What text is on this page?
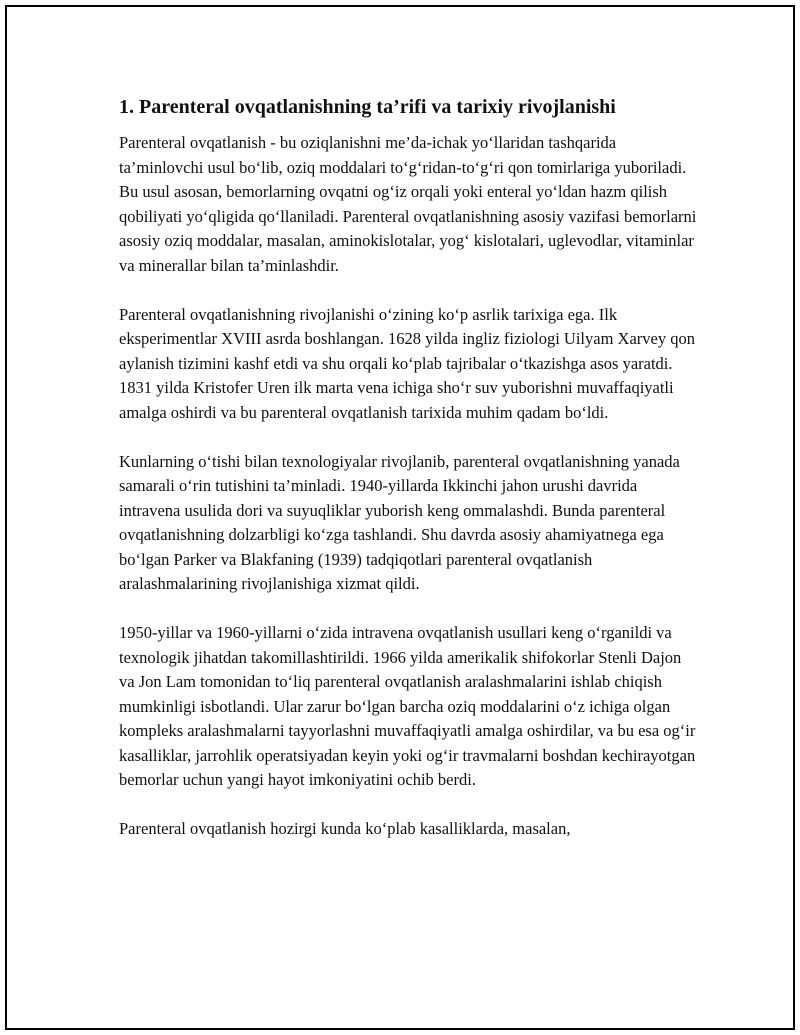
1. Parenteral ovqatlanishning ta’rifi va tarixiy rivojlanishi

Parenteral ovqatlanish - bu oziqlanishni me’da-ichak yo‘llaridan tashqarida ta’minlovchi usul bo‘lib, oziq moddalari to‘g‘ridan-to‘g‘ri qon tomirlariga yuboriladi. Bu usul asosan, bemorlarning ovqatni og‘iz orqali yoki enteral yo‘ldan hazm qilish qobiliyati yo‘qligida qo‘llaniladi. Parenteral ovqatlanishning asosiy vazifasi bemorlarni asosiy oziq moddalar, masalan, aminokislotalar, yog‘ kislotalari, uglevodlar, vitaminlar va minerallar bilan ta’minlashdir.

Parenteral ovqatlanishning rivojlanishi o‘zining ko‘p asrlik tarixiga ega. Ilk eksperimentlar XVIII asrda boshlangan. 1628 yilda ingliz fiziologi Uilyam Xarvey qon aylanish tizimini kashf etdi va shu orqali ko‘plab tajribalar o‘tkazishga asos yaratdi. 1831 yilda Kristofer Uren ilk marta vena ichiga sho‘r suv yuborishni muvaffaqiyatli amalga oshirdi va bu parenteral ovqatlanish tarixida muhim qadam bo‘ldi.

Kunlarning o‘tishi bilan texnologiyalar rivojlanib, parenteral ovqatlanishning yanada samarali o‘rin tutishini ta’minladi. 1940-yillarda Ikkinchi jahon urushi davrida intravena usulida dori va suyuqliklar yuborish keng ommalashdi. Bunda parenteral ovqatlanishning dolzarbligi ko‘zga tashlandi. Shu davrda asosiy ahamiyatnega ega bo‘lgan Parker va Blakfaning (1939) tadqiqotlari parenteral ovqatlanish aralashmalarining rivojlanishiga xizmat qildi.

1950-yillar va 1960-yillarni o‘zida intravena ovqatlanish usullari keng o‘rganildi va texnologik jihatdan takomillashtirildi. 1966 yilda amerikalik shifokorlar Stenli Dajon va Jon Lam tomonidan to‘liq parenteral ovqatlanish aralashmalarini ishlab chiqish mumkinligi isbotlandi. Ular zarur bo‘lgan barcha oziq moddalarini o‘z ichiga olgan kompleks aralashmalarni tayyorlashni muvaffaqiyatli amalga oshirdilar, va bu esa og‘ir kasalliklar, jarrohlik operatsiyadan keyin yoki og‘ir travmalarni boshdan kechirayotgan bemorlar uchun yangi hayot imkoniyatini ochib berdi.

Parenteral ovqatlanish hozirgi kunda ko‘plab kasalliklarda, masalan,
